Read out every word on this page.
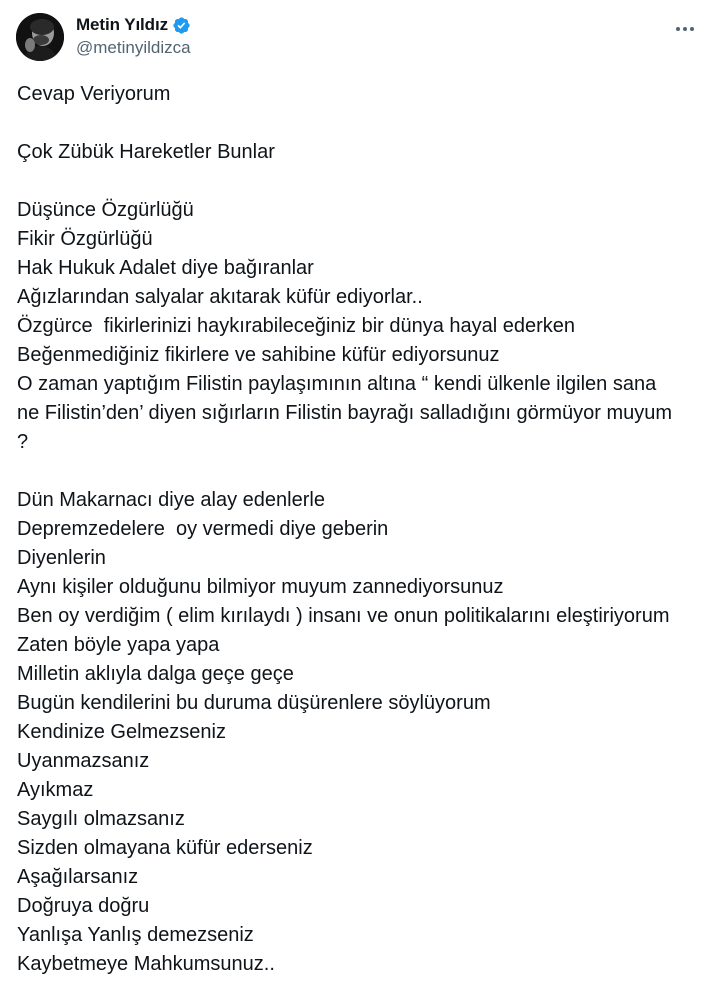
Metin Yıldız
@metinyildizca
Cevap Veriyorum
Çok Zübük Hareketler Bunlar
Düşünce Özgürlüğü
Fikir Özgürlüğü
Hak Hukuk Adalet diye bağıranlar
Ağızlarından salyalar akıtarak küfür ediyorlar..
Özgürce  fikirlerinizi haykırabileceğiniz bir dünya hayal ederken
Beğenmediğiniz fikirlere ve sahibine küfür ediyorsunuz
O zaman yaptığım Filistin paylaşımının altına “ kendi ülkenle ilgilen sana
ne Filistin’den’ diyen sığırların Filistin bayrağı salladığını görmüyor muyum
?
Dün Makarnacı diye alay edenlerle
Depremzedelere  oy vermedi diye geberin
Diyenlerin
Aynı kişiler olduğunu bilmiyor muyum zannediyorsunuz
Ben oy verdiğim ( elim kırılaydı ) insanı ve onun politikalarını eleştiriyorum
Zaten böyle yapa yapa
Milletin aklıyla dalga geçe geçe
Bugün kendilerini bu duruma düşürenlere söylüyorum
Kendinize Gelmezseniz
Uyanmazsanız
Ayıkmaz
Saygılı olmazsanız
Sizden olmayana küfür ederseniz
Aşağılarsanız
Doğruya doğru
Yanlışa Yanlış demezseniz
Kaybetmeye Mahkumsunuz..
